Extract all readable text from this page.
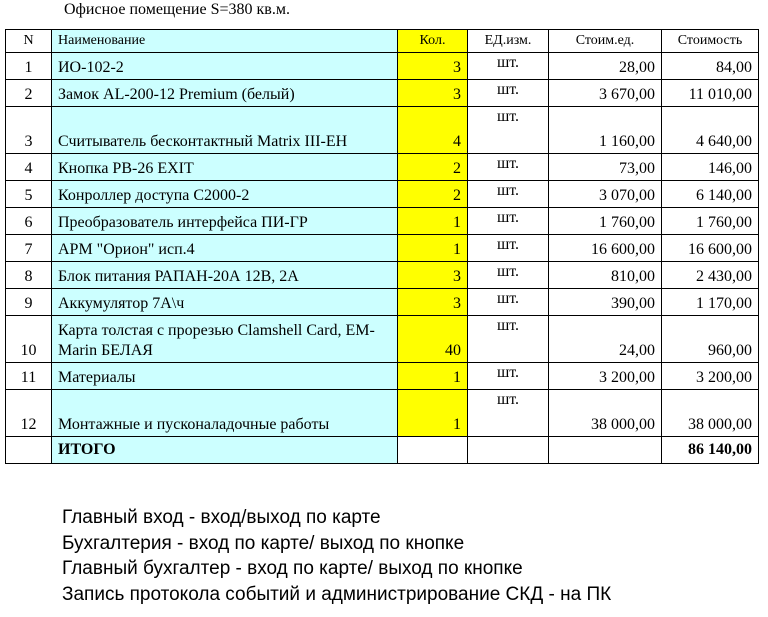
Офисное помещение S=380 кв.м.
N	Наименование	Кол.	ЕД.изм.	Стоим.ед.	Стоимость
1	ИО-102-2	3	шт.	28,00	84,00
2	Замок AL-200-12 Premium (белый)	3	шт.	3 670,00	11 010,00
3	Считыватель бесконтактный Matrix III-EH	4	шт.	1 160,00	4 640,00
4	Кнопка PB-26 EXIT	2	шт.	73,00	146,00
5	Конроллер доступа С2000-2	2	шт.	3 070,00	6 140,00
6	Преобразователь интерфейса ПИ-ГР	1	шт.	1 760,00	1 760,00
7	АРМ "Орион" исп.4	1	шт.	16 600,00	16 600,00
8	Блок питания РАПАН-20А 12В, 2А	3	шт.	810,00	2 430,00
9	Аккумулятор 7А\ч	3	шт.	390,00	1 170,00
10	Карта толстая с прорезью Clamshell Card, EM-Marin БЕЛАЯ	40	шт.	24,00	960,00
11	Материалы	1	шт.	3 200,00	3 200,00
12	Монтажные и пусконаладочные работы	1	шт.	38 000,00	38 000,00
	ИТОГО				86 140,00
Главный вход - вход/выход по карте
Бухгалтерия - вход по карте/ выход по кнопке
Главный бухгалтер - вход по карте/ выход по кнопке
Запись протокола событий и администрирование СКД - на ПК
